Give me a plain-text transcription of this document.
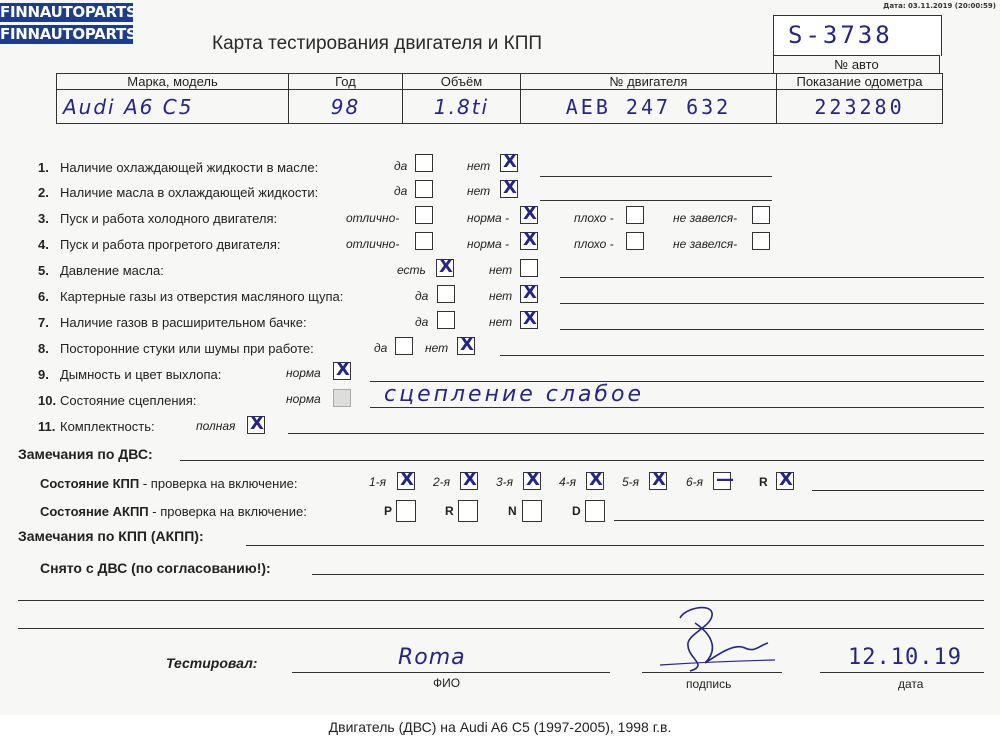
FINNAUTOPARTS
FINNAUTOPARTS
Дата: 03.11.2019 (20:00:59)
Карта тестирования двигателя и КПП	S-3738
№ авто
Марка, модель	Год	Объём	№ двигателя	Показание одометра
Audi A6 C5	98	1.8ti	AEB 247 632	223280
1. Наличие охлаждающей жидкости в масле:	да	нет X
2. Наличие масла в охлаждающей жидкости:	да	нет X
3. Пуск и работа холодного двигателя:	отлично-	норма - X	плохо -	не завелся-
4. Пуск и работа прогретого двигателя:	отлично-	норма - X	плохо -	не завелся-
5. Давление масла:	есть X	нет
6. Картерные газы из отверстия масляного щупа:	да	нет X
7. Наличие газов в расширительном бачке:	да	нет X
8. Посторонние стуки или шумы при работе:	да	нет X
9. Дымность и цвет выхлопа:	норма X
10. Состояние сцепления:	норма	сцепление слабое
11. Комплектность:	полная X
Замечания по ДВС:
Состояние КПП - проверка на включение:	1-я X 2-я X 3-я X 4-я X 5-я X 6-я — R X
Состояние АКПП - проверка на включение:	P	R	N	D
Замечания по КПП (АКПП):
Снято с ДВС (по согласованию!):
Тестировал:	Roma
ФИО	подпись
12.10.19
дата
Двигатель (ДВС) на Audi A6 C5 (1997-2005), 1998 г.в.
